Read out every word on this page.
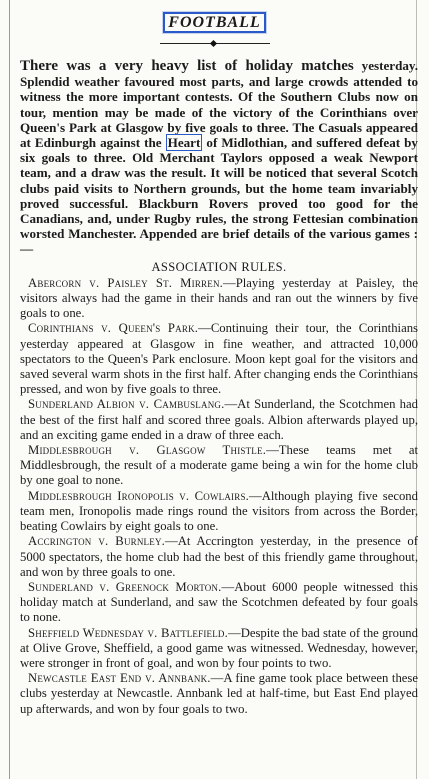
FOOTBALL

There was a very heavy list of holiday matches yesterday. Splendid weather favoured most parts, and large crowds attended to witness the more important contests. Of the Southern Clubs now on tour, mention may be made of the victory of the Corinthians over Queen's Park at Glasgow by five goals to three. The Casuals appeared at Edinburgh against the Heart of Midlothian, and suffered defeat by six goals to three. Old Merchant Taylors opposed a weak Newport team, and a draw was the result. It will be noticed that several Scotch clubs paid visits to Northern grounds, but the home team invariably proved successful. Blackburn Rovers proved too good for the Canadians, and, under Rugby rules, the strong Fettesian combination worsted Manchester. Appended are brief details of the various games :—

ASSOCIATION RULES.

Abercorn v. Paisley St. Mirren.—Playing yesterday at Paisley, the visitors always had the game in their hands and ran out the winners by five goals to one.

Corinthians v. Queen's Park.—Continuing their tour, the Corinthians yesterday appeared at Glasgow in fine weather, and attracted 10,000 spectators to the Queen's Park enclosure. Moon kept goal for the visitors and saved several warm shots in the first half. After changing ends the Corinthians pressed, and won by five goals to three.

Sunderland Albion v. Cambuslang.—At Sunderland, the Scotchmen had the best of the first half and scored three goals. Albion afterwards played up, and an exciting game ended in a draw of three each.

Middlesbrough v. Glasgow Thistle.—These teams met at Middlesbrough, the result of a moderate game being a win for the home club by one goal to none.

Middlesbrough Ironopolis v. Cowlairs.—Although playing five second team men, Ironopolis made rings round the visitors from across the Border, beating Cowlairs by eight goals to one.

Accrington v. Burnley.—At Accrington yesterday, in the presence of 5000 spectators, the home club had the best of this friendly game throughout, and won by three goals to one.

Sunderland v. Greenock Morton.—About 6000 people witnessed this holiday match at Sunderland, and saw the Scotchmen defeated by four goals to none.

Sheffield Wednesday v. Battlefield.—Despite the bad state of the ground at Olive Grove, Sheffield, a good game was witnessed. Wednesday, however, were stronger in front of goal, and won by four points to two.

Newcastle East End v. Annbank.—A fine game took place between these clubs yesterday at Newcastle. Annbank led at half-time, but East End played up afterwards, and won by four goals to two.
